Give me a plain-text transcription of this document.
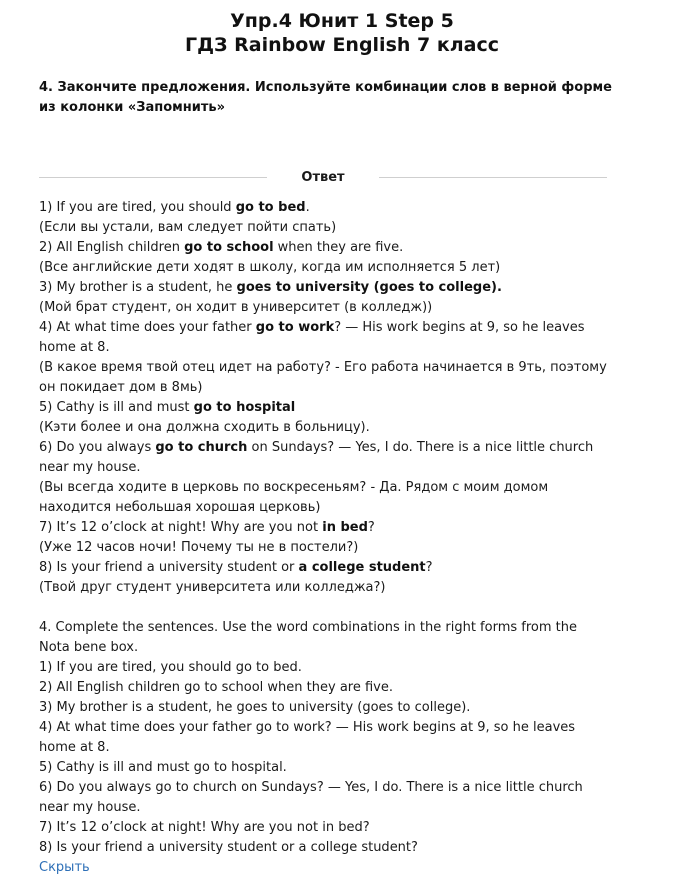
Упр.4 Юнит 1 Step 5
ГДЗ Rainbow English 7 класс
4. Закончите предложения. Используйте комбинации слов в верной форме из колонки «Запомнить»
Ответ

1) If you are tired, you should go to bed.

(Если вы устали, вам следует пойти спать)

2) All English children go to school when they are five.

(Все английские дети ходят в школу, когда им исполняется 5 лет)

3) My brother is a student, he goes to university (goes to college).

(Мой брат студент, он ходит в университет (в колледж))

4) At what time does your father go to work? — His work begins at 9, so he leaves home at 8.

(В какое время твой отец идет на работу? - Его работа начинается в 9ть, поэтому он покидает дом в 8мь)

5) Cathy is ill and must go to hospital

(Кэти более и она должна сходить в больницу).

6) Do you always go to church on Sundays? — Yes, I do. There is a nice little church near my house.

(Вы всегда ходите в церковь по воскресеньям? - Да. Рядом с моим домом находится небольшая хорошая церковь)

7) It’s 12 o’clock at night! Why are you not in bed?

(Уже 12 часов ночи! Почему ты не в постели?)

8) Is your friend a university student or a college student?

(Твой друг студент университета или колледжа?)

4. Complete the sentences. Use the word combinations in the right forms from the Nota bene box.

1) If you are tired, you should go to bed.

2) All English children go to school when they are five.

3) My brother is a student, he goes to university (goes to college).

4) At what time does your father go to work? — His work begins at 9, so he leaves home at 8.

5) Cathy is ill and must go to hospital.

6) Do you always go to church on Sundays? — Yes, I do. There is a nice little church near my house.

7) It’s 12 o’clock at night! Why are you not in bed?

8) Is your friend a university student or a college student?

Скрыть
